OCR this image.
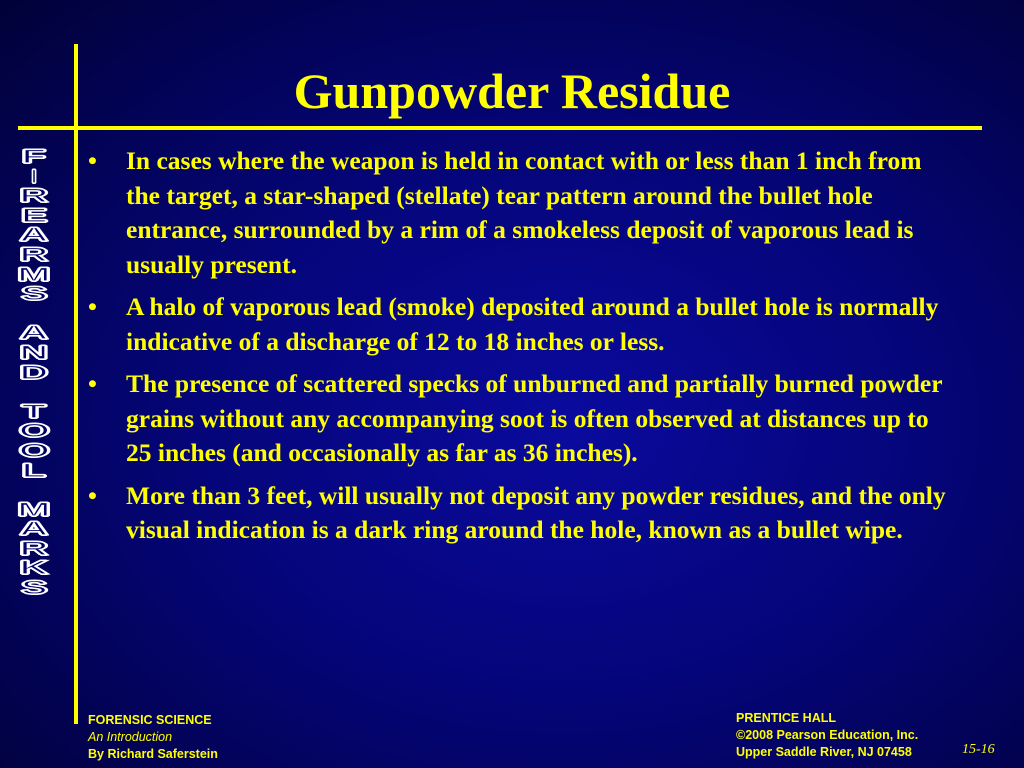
Gunpowder Residue
F
I
R
E
A
R
M
S

A
N
D

T
O
O
L

M
A
R
K
S
• In cases where the weapon is held in contact with or less than 1 inch from the target, a star-shaped (stellate) tear pattern around the bullet hole entrance, surrounded by a rim of a smokeless deposit of vaporous lead is usually present.
• A halo of vaporous lead (smoke) deposited around a bullet hole is normally indicative of a discharge of 12 to 18 inches or less.
• The presence of scattered specks of unburned and partially burned powder grains without any accompanying soot is often observed at distances up to 25 inches (and occasionally as far as 36 inches).
• More than 3 feet, will usually not deposit any powder residues, and the only visual indication is a dark ring around the hole, known as a bullet wipe.
FORENSIC SCIENCE
An Introduction
By Richard Saferstein
PRENTICE HALL
©2008 Pearson Education, Inc.
Upper Saddle River, NJ 07458	15-16
